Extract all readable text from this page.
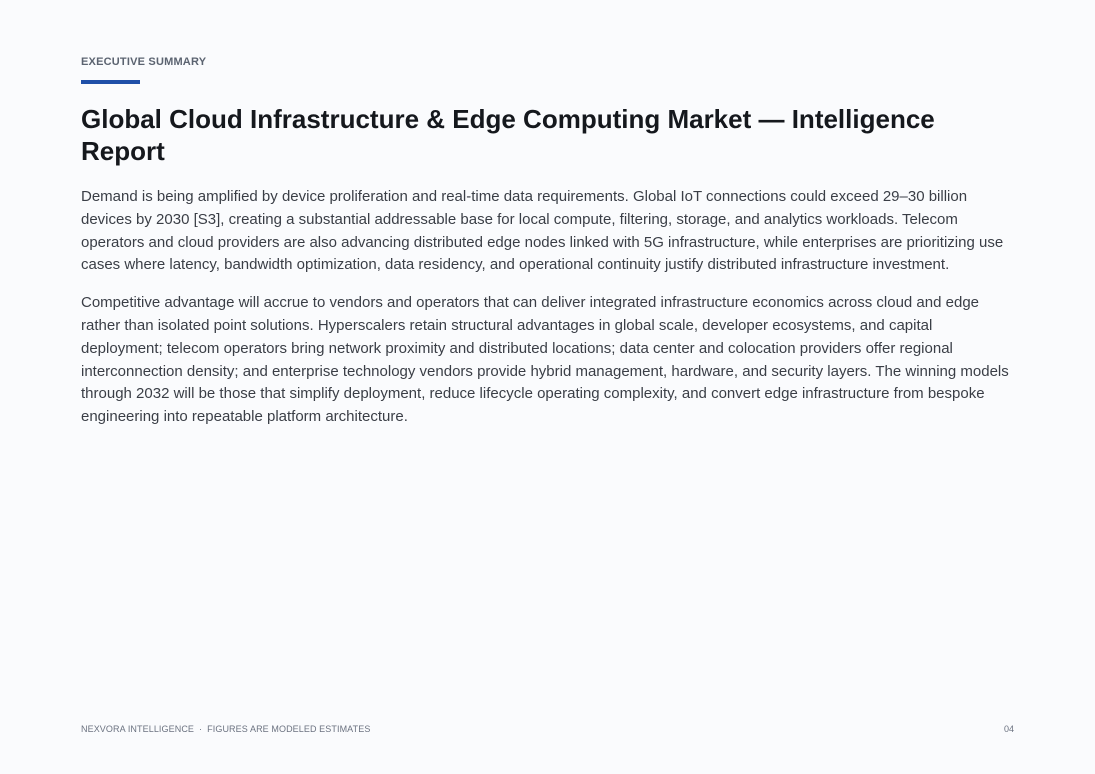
EXECUTIVE SUMMARY
Global Cloud Infrastructure & Edge Computing Market — Intelligence Report

Demand is being amplified by device proliferation and real-time data requirements. Global IoT connections could exceed 29–30 billion devices by 2030 [S3], creating a substantial addressable base for local compute, filtering, storage, and analytics workloads. Telecom operators and cloud providers are also advancing distributed edge nodes linked with 5G infrastructure, while enterprises are prioritizing use cases where latency, bandwidth optimization, data residency, and operational continuity justify distributed infrastructure investment.

Competitive advantage will accrue to vendors and operators that can deliver integrated infrastructure economics across cloud and edge rather than isolated point solutions. Hyperscalers retain structural advantages in global scale, developer ecosystems, and capital deployment; telecom operators bring network proximity and distributed locations; data center and colocation providers offer regional interconnection density; and enterprise technology vendors provide hybrid management, hardware, and security layers. The winning models through 2032 will be those that simplify deployment, reduce lifecycle operating complexity, and convert edge infrastructure from bespoke engineering into repeatable platform architecture.

NEXVORA INTELLIGENCE · FIGURES ARE MODELED ESTIMATES	04
